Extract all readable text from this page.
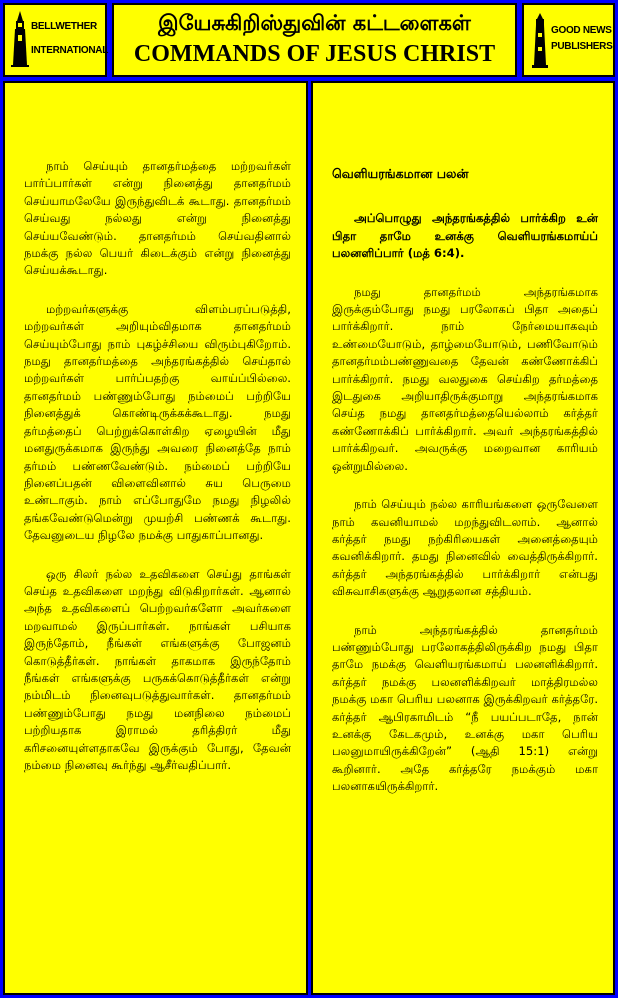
BELLWETHER
INTERNATIONAL
இயேசுகிறிஸ்துவின் கட்டளைகள்
COMMANDS OF JESUS CHRIST
GOOD NEWS
PUBLISHERS

நாம் செய்யும் தானதர்மத்தை மற்றவர்கள் பார்ப்பார்கள் என்று நினைத்து தானதர்மம் செய்யாமலேயே இருந்துவிடக் கூடாது. தானதர்மம் செய்வது நல்லது என்று நினைத்து செய்யவேண்டும். தானதர்மம் செய்வதினால் நமக்கு நல்ல பெயர் கிடைக்கும் என்று நினைத்து செய்யக்கூடாது.

மற்றவர்களுக்கு விளம்பரப்படுத்தி, மற்றவர்கள் அறியும்விதமாக தானதர்மம் செய்யும்போது நாம் புகழ்ச்சியை விரும்புகிறோம். நமது தானதர்மத்தை அந்தரங்கத்தில் செய்தால் மற்றவர்கள் பார்ப்பதற்கு வாய்ப்பில்லை. தானதர்மம் பண்ணும்போது நம்மைப் பற்றியே நினைத்துக் கொண்டிருக்கக்கூடாது. நமது தர்மத்தைப் பெற்றுக்கொள்கிற ஏழையின் மீது மனதுருக்கமாக இருந்து அவரை நினைத்தே நாம் தர்மம் பண்ணவேண்டும். நம்மைப் பற்றியே நினைப்பதன் விளைவினால் சுய பெருமை உண்டாகும். நாம் எப்போதுமே நமது நிழலில் தங்கவேண்டுமென்று முயற்சி பண்ணக் கூடாது. தேவனுடைய நிழலே நமக்கு பாதுகாப்பானது.

ஒரு சிலர் நல்ல உதவிகளை செய்து தாங்கள் செய்த உதவிகளை மறந்து விடுகிறார்கள். ஆனால் அந்த உதவிகளைப் பெற்றவர்களோ அவர்களை மறவாமல் இருப்பார்கள். நாங்கள் பசியாக இருந்தோம், நீங்கள் எங்களுக்கு போஜனம் கொடுத்தீர்கள். நாங்கள் தாகமாக இருந்தோம் நீங்கள் எங்களுக்கு பருகக்கொடுத்தீர்கள் என்று நம்மிடம் நினைவுபடுத்துவார்கள். தானதர்மம் பண்ணும்போது நமது மனநிலை நம்மைப் பற்றியதாக இராமல் தரித்திரர் மீது கரிசனையுள்ளதாகவே இருக்கும் போது, தேவன் நம்மை நினைவு கூர்ந்து ஆசீர்வதிப்பார்.

வெளியரங்கமான பலன்

அப்பொழுது அந்தரங்கத்தில் பார்க்கிற உன் பிதா தாமே உனக்கு வெளியரங்கமாய்ப் பலனளிப்பார் (மத் 6:4).

நமது தானதர்மம் அந்தரங்கமாக இருக்கும்போது நமது பரலோகப் பிதா அதைப் பார்க்கிறார். நாம் நேர்மையாகவும் உண்மையோடும், தாழ்மையோடும், பணிவோடும் தானதர்மம்பண்ணுவதை தேவன் கண்ணோக்கிப் பார்க்கிறார். நமது வலதுகை செய்கிற தர்மத்தை இடதுகை அறியாதிருக்குமாறு அந்தரங்கமாக செய்த நமது தானதர்மத்தையெல்லாம் கர்த்தர் கண்ணோக்கிப் பார்க்கிறார். அவர் அந்தரங்கத்தில் பார்க்கிறவர். அவருக்கு மறைவான காரியம் ஒன்றுமில்லை.

நாம் செய்யும் நல்ல காரியங்களை ஒருவேளை நாம் கவனியாமல் மறந்துவிடலாம். ஆனால் கர்த்தர் நமது நற்கிரியைகள் அனைத்தையும் கவனிக்கிறார். தமது நினைவில் வைத்திருக்கிறார். கர்த்தர் அந்தரங்கத்தில் பார்க்கிறார் என்பது விசுவாசிகளுக்கு ஆறுதலான சத்தியம்.

நாம் அந்தரங்கத்தில் தானதர்மம் பண்ணும்போது பரலோகத்திலிருக்கிற நமது பிதா தாமே நமக்கு வெளியரங்கமாய் பலனளிக்கிறார். கர்த்தர் நமக்கு பலனளிக்கிறவர் மாத்திரமல்ல நமக்கு மகா பெரிய பலனாக இருக்கிறவர் கர்த்தரே. கர்த்தர் ஆபிரகாமிடம் “நீ பயப்படாதே, நான் உனக்கு கேடகமும், உனக்கு மகா பெரிய பலனுமாயிருக்கிறேன்” (ஆதி 15:1) என்று கூறினார். அதே கர்த்தரே நமக்கும் மகா பலனாகயிருக்கிறார்.
